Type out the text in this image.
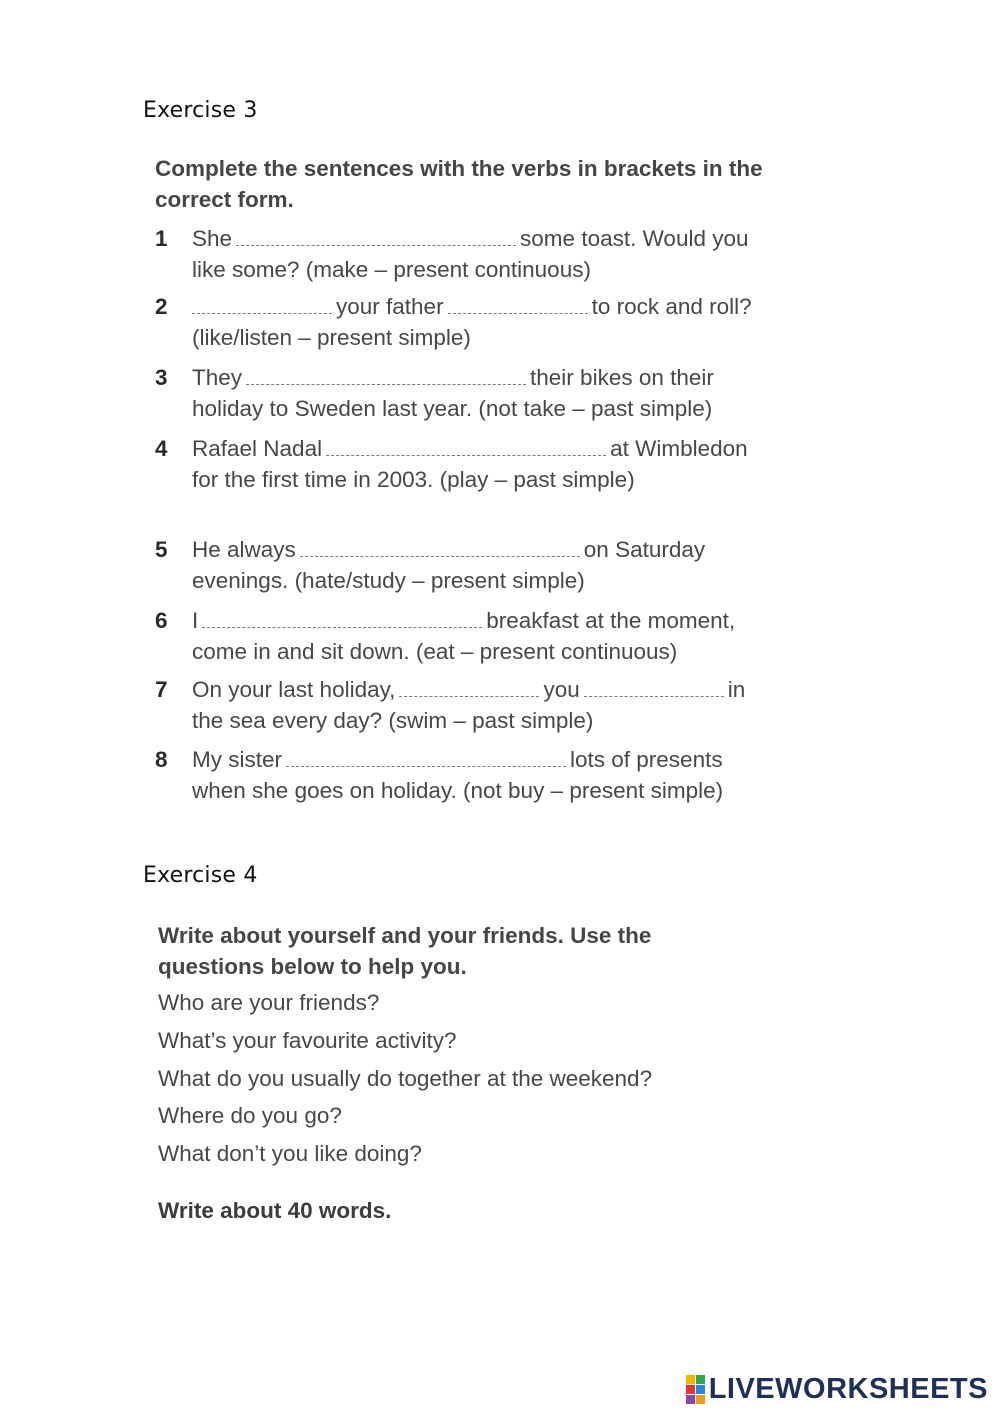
Exercise 3
Complete the sentences with the verbs in brackets in the correct form.
1 She	some toast. Would you like some? (make – present continuous)
2	your father	to rock and roll? (like/listen – present simple)
3 They	their bikes on their holiday to Sweden last year. (not take – past simple)
4 Rafael Nadal	at Wimbledon for the first time in 2003. (play – past simple)
5 He always	on Saturday evenings. (hate/study – present simple)
6 I	breakfast at the moment, come in and sit down. (eat – present continuous)
7 On your last holiday,	you	in the sea every day? (swim – past simple)
8 My sister	lots of presents when she goes on holiday. (not buy – present simple)
Exercise 4
Write about yourself and your friends. Use the questions below to help you.
Who are your friends?
What’s your favourite activity?
What do you usually do together at the weekend?
Where do you go?
What don’t you like doing?
Write about 40 words.
LIVEWORKSHEETS
